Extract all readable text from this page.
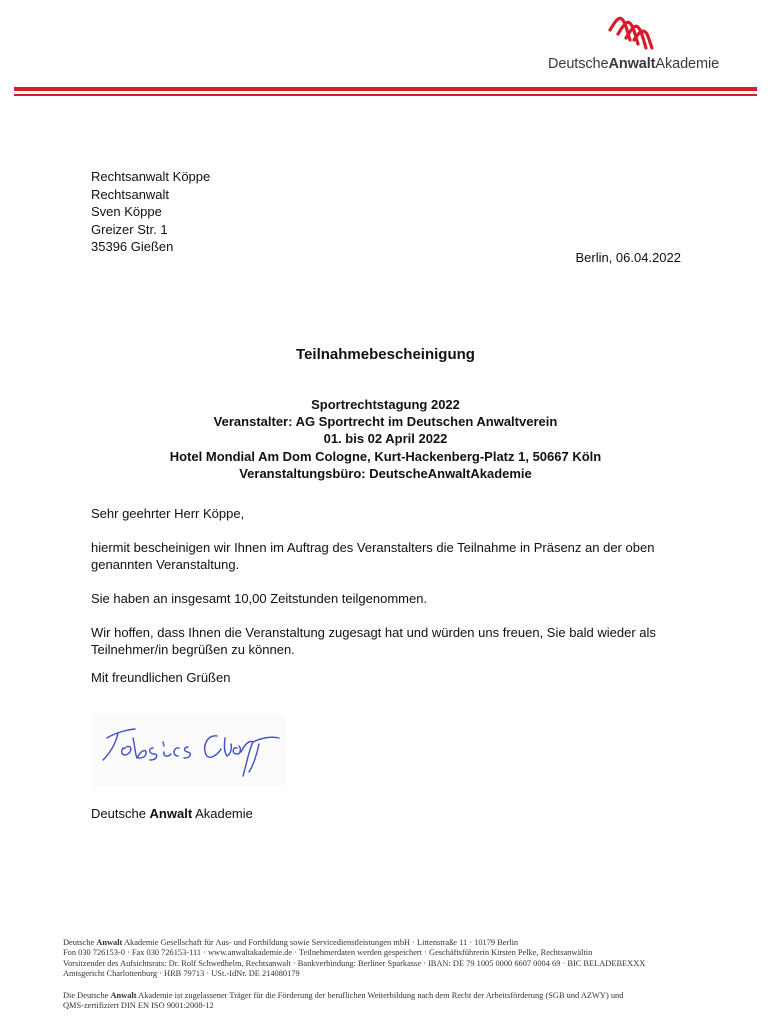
DeutscheAnwaltAkademie
Rechtsanwalt Köppe
Rechtsanwalt
Sven Köppe
Greizer Str. 1
35396 Gießen
Berlin, 06.04.2022
Teilnahmebescheinigung
Sportrechtstagung 2022
Veranstalter: AG Sportrecht im Deutschen Anwaltverein
01. bis 02 April 2022
Hotel Mondial Am Dom Cologne, Kurt-Hackenberg-Platz 1, 50667 Köln
Veranstaltungsbüro: DeutscheAnwaltAkademie

Sehr geehrter Herr Köppe,

hiermit bescheinigen wir Ihnen im Auftrag des Veranstalters die Teilnahme in Präsenz an der oben genannten Veranstaltung.

Sie haben an insgesamt 10,00 Zeitstunden teilgenommen.

Wir hoffen, dass Ihnen die Veranstaltung zugesagt hat und würden uns freuen, Sie bald wieder als Teilnehmer/in begrüßen zu können.

Mit freundlichen Grüßen
Deutsche Anwalt Akademie
Deutsche Anwalt Akademie Gesellschaft für Aus- und Fortbildung sowie Servicedienstleistungen mbH · Littenstraße 11 · 10179 Berlin
Fon 030 726153-0 · Fax 030 726153-111 · www.anwaltakademie.de · Teilnehmerdaten werden gespeichert · Geschäftsführerin Kirsten Pelke, Rechtsanwältin
Vorsitzender des Aufsichtsrats: Dr. Rolf Schwedhelm, Rechtsanwalt · Bankverbindung: Berliner Sparkasse · IBAN: DE 79 1005 0000 6607 0004 69 · BIC BELADEBEXXX
Amtsgericht Charlottenburg · HRB 79713 · USt.-IdNr. DE 214080179
Die Deutsche Anwalt Akademie ist zugelassener Träger für die Förderung der beruflichen Weiterbildung nach dem Recht der Arbeitsförderung (SGB und AZWY) und
QMS-zertifiziert DIN EN ISO 9001:2008-12
